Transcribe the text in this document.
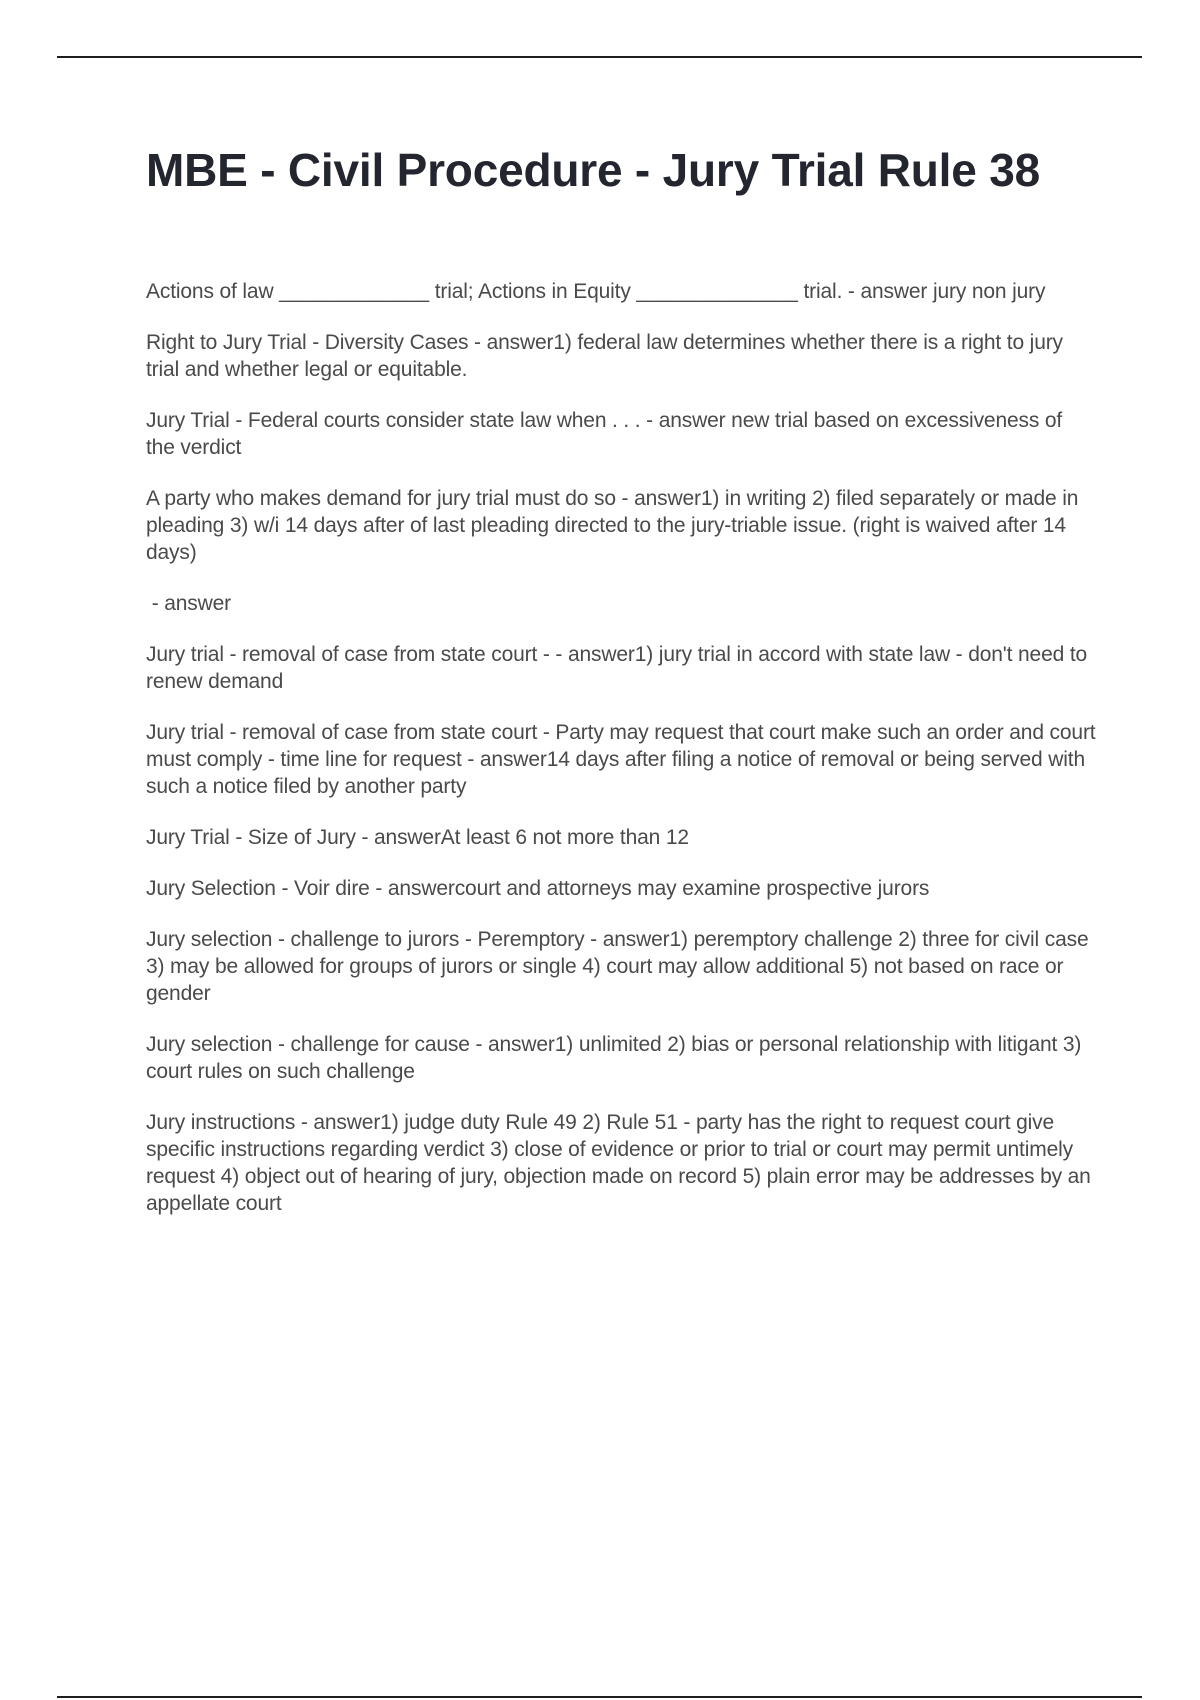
MBE - Civil Procedure - Jury Trial Rule 38

Actions of law _____________ trial; Actions in Equity ______________ trial. - answer jury non jury

Right to Jury Trial - Diversity Cases - answer1) federal law determines whether there is a right to jury trial and whether legal or equitable.

Jury Trial - Federal courts consider state law when . . . - answer new trial based on excessiveness of the verdict

A party who makes demand for jury trial must do so - answer1) in writing 2) filed separately or made in pleading 3) w/i 14 days after of last pleading directed to the jury-triable issue. (right is waived after 14 days)

- answer

Jury trial - removal of case from state court - - answer1) jury trial in accord with state law - don't need to renew demand

Jury trial - removal of case from state court - Party may request that court make such an order and court must comply - time line for request - answer14 days after filing a notice of removal or being served with such a notice filed by another party

Jury Trial - Size of Jury - answerAt least 6 not more than 12

Jury Selection - Voir dire - answercourt and attorneys may examine prospective jurors

Jury selection - challenge to jurors - Peremptory - answer1) peremptory challenge 2) three for civil case 3) may be allowed for groups of jurors or single 4) court may allow additional 5) not based on race or gender

Jury selection - challenge for cause - answer1) unlimited 2) bias or personal relationship with litigant 3) court rules on such challenge

Jury instructions - answer1) judge duty Rule 49 2) Rule 51 - party has the right to request court give specific instructions regarding verdict 3) close of evidence or prior to trial or court may permit untimely request 4) object out of hearing of jury, objection made on record 5) plain error may be addresses by an appellate court
